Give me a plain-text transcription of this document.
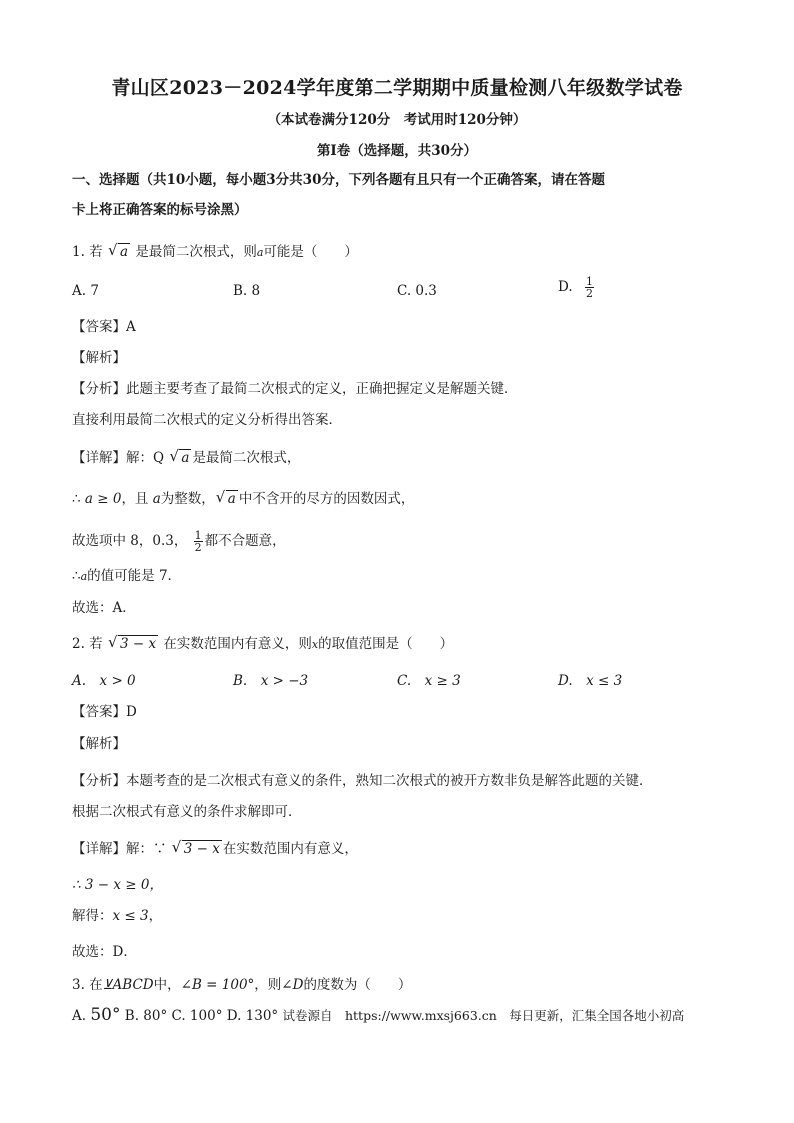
青山区2023－2024学年度第二学期期中质量检测八年级数学试卷
（本试卷满分120分　考试用时120分钟）
第Ⅰ卷（选择题，共30分）
一、选择题（共10小题，每小题3分共30分，下列各题有且只有一个正确答案，请在答题
卡上将正确答案的标号涂黑）
1. 若 √ a 是最简二次根式，则a可能是（　　）
A. 7	B. 8	C. 0.3	D. $\frac{1}{2}$
【答案】A
【解析】
【分析】此题主要考查了最简二次根式的定义，正确把握定义是解题关键．
直接利用最简二次根式的定义分析得出答案．
【详解】解：Q √ a 是最简二次根式，
∴ a ≥ 0，且 a为整数， √ a 中不含开的尽方的因数因式，
故选项中 8，0.3， $\frac{1}{2}$ 都不合题意，
∴a的值可能是 7．
故选：A．
2. 若 √ 3 − x 在实数范围内有意义，则x的取值范围是（　　）
A.　x > 0	B.　x > −3	C.　x ≥ 3	D.　x ≤ 3
【答案】D
【解析】
【分析】本题考查的是二次根式有意义的条件，熟知二次根式的被开方数非负是解答此题的关键．
根据二次根式有意义的条件求解即可．
【详解】解：∵ √ 3 − x 在实数范围内有意义，
∴ 3 − x ≥ 0，
解得：x ≤ 3，
故选：D．
3. 在⊻ABCD中，∠B = 100°，则∠D的度数为（　　）
A. 50° B. 80° C. 100° D. 130° 试卷源自　https://www.mxsj663.cn　每日更新，汇集全国各地小初高
